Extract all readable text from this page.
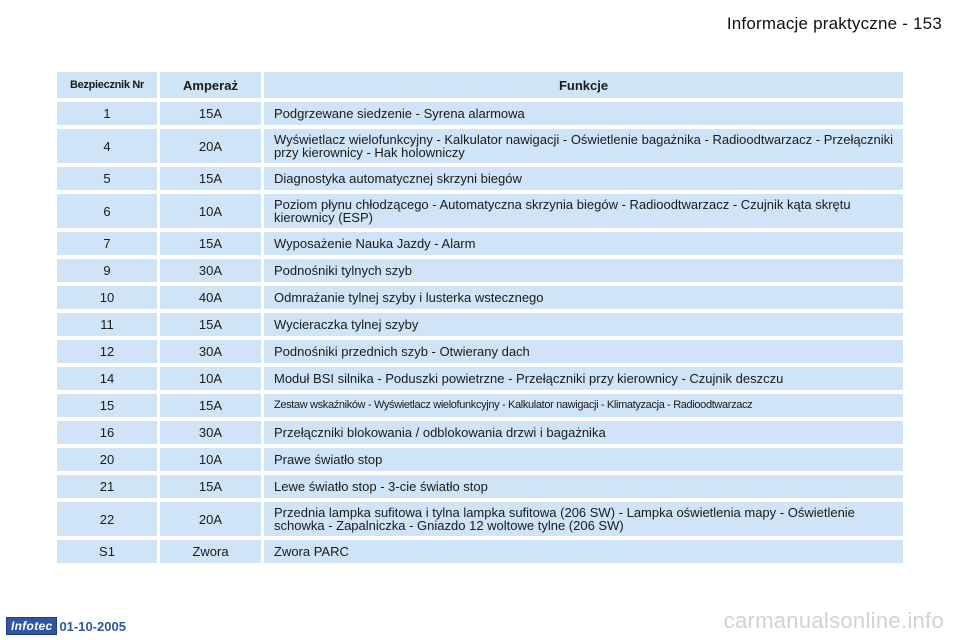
Informacje praktyczne - 153
Bezpiecznik Nr	Amperaż	Funkcje
1	15A	Podgrzewane siedzenie - Syrena alarmowa
4	20A	Wyświetlacz wielofunkcyjny - Kalkulator nawigacji - Oświetlenie bagażnika - Radioodtwarzacz - Przełączniki przy kierownicy - Hak holowniczy
5	15A	Diagnostyka automatycznej skrzyni biegów
6	10A	Poziom płynu chłodzącego - Automatyczna skrzynia biegów - Radioodtwarzacz - Czujnik kąta skrętu kierownicy (ESP)
7	15A	Wyposażenie Nauka Jazdy - Alarm
9	30A	Podnośniki tylnych szyb
10	40A	Odmrażanie tylnej szyby i lusterka wstecznego
11	15A	Wycieraczka tylnej szyby
12	30A	Podnośniki przednich szyb - Otwierany dach
14	10A	Moduł BSI silnika - Poduszki powietrzne - Przełączniki przy kierownicy - Czujnik deszczu
15	15A	Zestaw wskaźników - Wyświetlacz wielofunkcyjny - Kalkulator nawigacji - Klimatyzacja - Radioodtwarzacz
16	30A	Przełączniki blokowania / odblokowania drzwi i bagażnika
20	10A	Prawe światło stop
21	15A	Lewe światło stop - 3-cie światło stop
22	20A	Przednia lampka sufitowa i tylna lampka sufitowa (206 SW) - Lampka oświetlenia mapy - Oświetlenie schowka - Zapalniczka - Gniazdo 12 woltowe tylne (206 SW)
S1	Zwora	Zwora PARC
Infotec 01-10-2005	carmanualsonline.info
